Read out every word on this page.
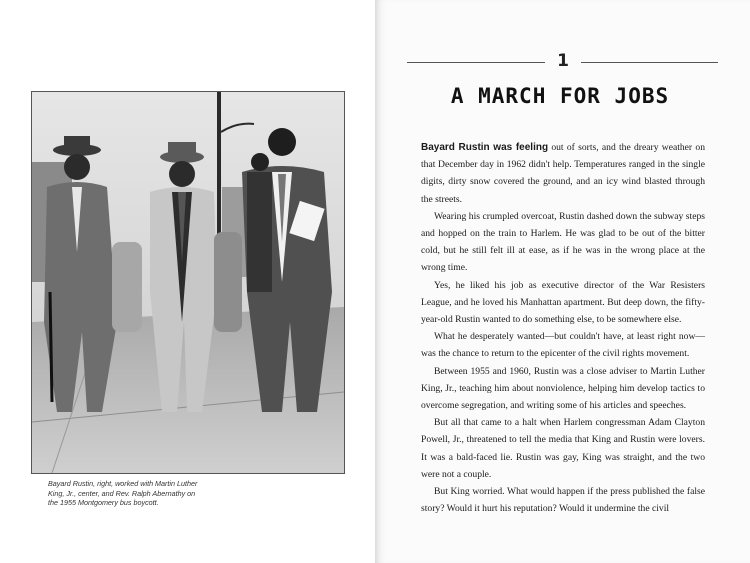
Bayard Rustin, right, worked with Martin Luther King, Jr., center, and Rev. Ralph Abernathy on the 1955 Montgomery bus boycott.
1
A MARCH FOR JOBS

Bayard Rustin was feeling out of sorts, and the dreary weather on that December day in 1962 didn't help. Temperatures ranged in the single digits, dirty snow covered the ground, and an icy wind blasted through the streets.

Wearing his crumpled overcoat, Rustin dashed down the subway steps and hopped on the train to Harlem. He was glad to be out of the bitter cold, but he still felt ill at ease, as if he was in the wrong place at the wrong time.

Yes, he liked his job as executive director of the War Resisters League, and he loved his Manhattan apartment. But deep down, the fifty-year-old Rustin wanted to do something else, to be somewhere else.

What he desperately wanted—but couldn't have, at least right now—was the chance to return to the epicenter of the civil rights movement.

Between 1955 and 1960, Rustin was a close adviser to Martin Luther King, Jr., teaching him about nonviolence, helping him develop tactics to overcome segregation, and writing some of his articles and speeches.

But all that came to a halt when Harlem congressman Adam Clayton Powell, Jr., threatened to tell the media that King and Rustin were lovers. It was a bald-faced lie. Rustin was gay, King was straight, and the two were not a couple.

But King worried. What would happen if the press published the false story? Would it hurt his reputation? Would it undermine the civil
